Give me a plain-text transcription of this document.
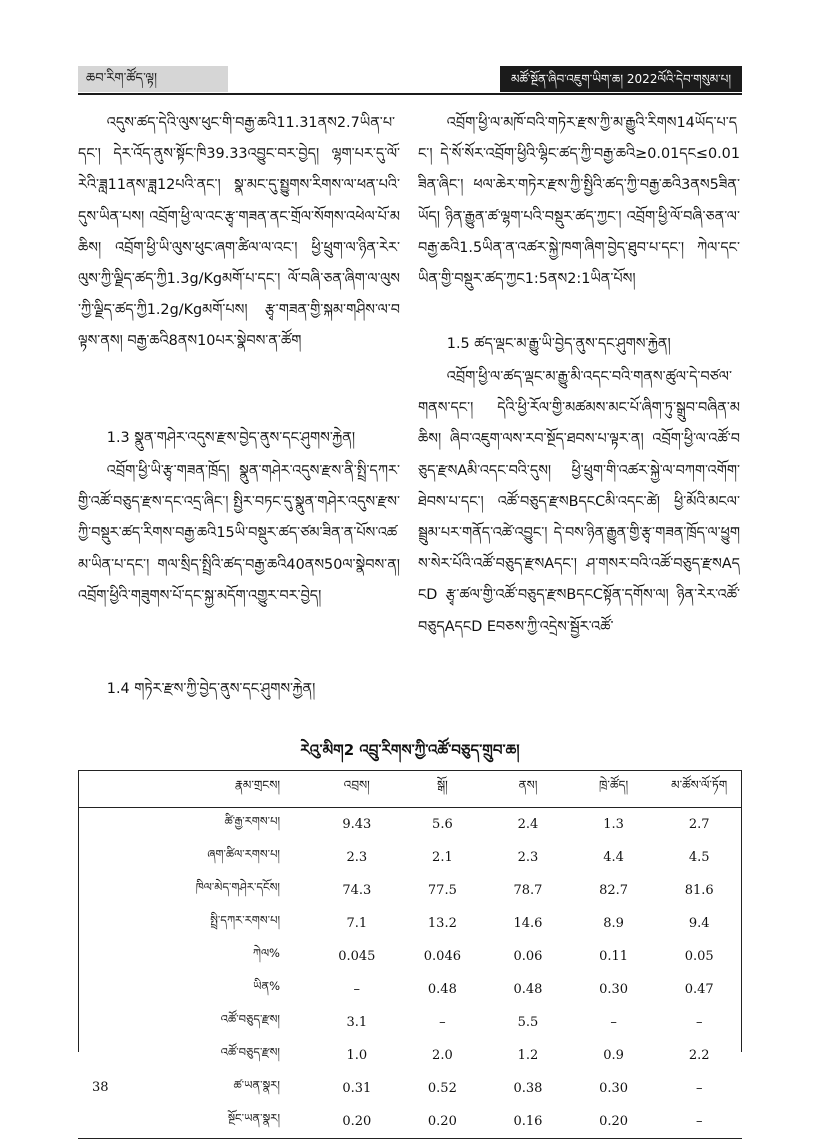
ཆབ་རིག་ཚོད་ལྟ།	མཚོ་སྔོན་ཞིབ་འཇུག་ཡིག་ཆ། 2022ལོའི་དེབ་གསུམ་པ།

འདུས་ཚད་དེའི་ལུས་ཕུང་གི་བརྒྱ་ཆའི11.31ནས2.7ཡིན་པ་དང་། དེར་འོད་ནུས་སྟོང་ཁི39.33འབྱུང་བར་བྱེད། ལྷག་པར་དུ་ལོ་རེའི་ཟླ11ནས་ཟླ12པའི་ནང་། སྣ་མང་དུ་སྤྱུགས་རིགས་ལ་ཕན་པའི་དུས་ཡིན་པས། འབྲོག་ཕྱི་ལ་འང་རྩྭ་གཟན་ནང་གྲོལ་སོགས་འཕེལ་པོ་མཆིས། འབྲོག་ཕྱི་ཡི་ལུས་ཕུང་ཞག་ཚིལ་ལ་འང་། ཕྱི་ཕྲུག་ལ་ཉིན་རེར་ལུས་ཀྱི་ལྗིད་ཚད་ཀྱི1.3g/Kgམགོ་པ་དང་། ལོ་བཞི་ཅན་ཞིག་ལ་ལུས་ཀྱི་ལྗིད་ཚད་ཀྱི1.2g/Kgམགོ་པས། རྩྭ་གཟན་གྱི་སྐམ་གཤིས་ལ་བལྟས་ནས། བརྒྱ་ཆའི8ནས10པར་སྣེབས་ན་ཚོག

1.3 སྣུན་གཤེར་འདུས་རྫས་བྱེད་ནུས་དང་ཤུགས་རྐྱེན།

འབྲོག་ཕྱི་ཡི་རྩྭ་གཟན་ཁྲོད། སྣུན་གཤེར་འདུས་རྫས་ནི་སྤྲི་དཀར་གྱི་འཚོ་བཅུད་རྫས་དང་འདྲ་ཞིང་། སྤྱིར་བཏང་དུ་སྣུན་གཤེར་འདུས་རྫས་ཀྱི་བསྡུར་ཚད་རིགས་བརྒྱ་ཆའི15ཡི་བསྡུར་ཚད་ཙམ་ཟིན་ན་པོས་འཚམ་ཡིན་པ་དང་། གལ་སྲིད་སྤྲིའི་ཚད་བརྒྱ་ཆའི40ནས50ལ་སྣེབས་ན། འབྲོག་ཕྱིའི་གཟུགས་པོ་དང་སྐྱ་མདོག་འགྱུར་བར་བྱེད།

1.4 གཏེར་རྫས་ཀྱི་བྱེད་ནུས་དང་ཤུགས་རྐྱེན།

འབྲོག་ཕྱི་ལ་མཁོ་བའི་གཏེར་རྫས་ཀྱི་མ་རྒྱུའི་རིགས14ཡོད་པ་དང་། དེ་སོ་སོར་འབྲོག་ཕྱིའི་ལྷིང་ཚད་ཀྱི་བརྒྱ་ཆའི≥0.01དང≤0.01ཟིན་ཞིང་། ཕལ་ཆེར་གཏེར་རྫས་ཀྱི་སྤྱིའི་ཚད་ཀྱི་བརྒྱ་ཆའི3ནས5ཟིན་ཡོད། ཉིན་རྒྱུན་ཚ་ལྷག་པའི་བསྡུར་ཚད་ཀྱང་། འབྲོག་ཕྱི་ལོ་བཞི་ཅན་ལ་བརྒྱ་ཆའི1.5ཡིན་ན་འཚར་སྐྱེ་ཁག་ཞིག་བྱེད་ཐུབ་པ་དང་། ཀེལ་དང་ཡིན་གྱི་བསྡུར་ཚད་ཀྱང1:5ནས2:1ཡིན་པོས།

1.5 ཚད་ལྡང་མ་རྒྱུ་ཡི་བྱེད་ནུས་དང་ཤུགས་རྐྱེན།

འབྲོག་ཕྱི་ལ་ཚད་ལྡང་མ་རྒྱུ་མི་འདང་བའི་གནས་ཚུལ་དེ་བཙལ་གནས་དང་། དེའི་ཕྱི་རོལ་གྱི་མཚམས་མང་པོ་ཞིག་ཏུ་སྒྲུབ་བཞིན་མཆིས། ཞིབ་འཇུག་ལས་རབ་སྔོད་ཐབས་པ་ལྟར་ན། འབྲོག་ཕྱི་ལ་འཚོ་བཅུད་རྫསAམི་འདང་བའི་དུས། ཕྱི་ཕྲུག་གི་འཚར་སྐྱེ་ལ་བཀག་འགོག་ཐེབས་པ་དང་། འཚོ་བཅུད་རྫསBདངCམི་འདང་ཚེ། ཕྱི་མོའི་མངལ་སྦྲུམ་པར་གནོད་འཚེ་འབྱུང་། དེ་བས་ཉིན་རྒྱུན་གྱི་རྩྭ་གཟན་ཁྲོད་ལ་ཕྱུགས་སེར་པོའི་འཚོ་བཅུད་རྫསAདང་། ཤ་གསར་བའི་འཚོ་བཅུད་རྫསAདངD རྩྭ་ཚལ་གྱི་འཚོ་བཅུད་རྫསBདངCསྟོན་དགོས་ལ། ཉིན་རེར་འཚོ་བཅུདAདངD Eབཅས་ཀྱི་འདྲེས་སྦྱོར་འཚོ་

རེའུ་མིག2 འབྲུ་རིགས་ཀྱི་འཚོ་བཅུད་གྲུབ་ཆ།
རྣམ་གྲངས།	འབྲས།	སྒོ།	ནས།	ཁྲེ་ཚོད།	མ་ཚོས་ལོ་ཏོག
ཚི་རྒྱ་རགས་པ།	9.43	5.6	2.4	1.3	2.7
ཞག་ཚིལ་རགས་པ།	2.3	2.1	2.3	4.4	4.5
ཁིལ་མེད་གཤེར་དངོས།	74.3	77.5	78.7	82.7	81.6
སྤྲི་དཀར་རགས་པ།	7.1	13.2	14.6	8.9	9.4
ཀེལ%	0.045	0.046	0.06	0.11	0.05
ཡིན%	–	0.48	0.48	0.30	0.47
འཚོ་བཅུད་རྫས།	3.1	–	5.5	–	–
འཚོ་བཅུད་རྫས།	1.0	2.0	1.2	0.9	2.2
ཚ་ཡན་སྣར།	0.31	0.52	0.38	0.30	–
སྔོང་ཡན་སྣར།	0.20	0.20	0.16	0.20	–
38
